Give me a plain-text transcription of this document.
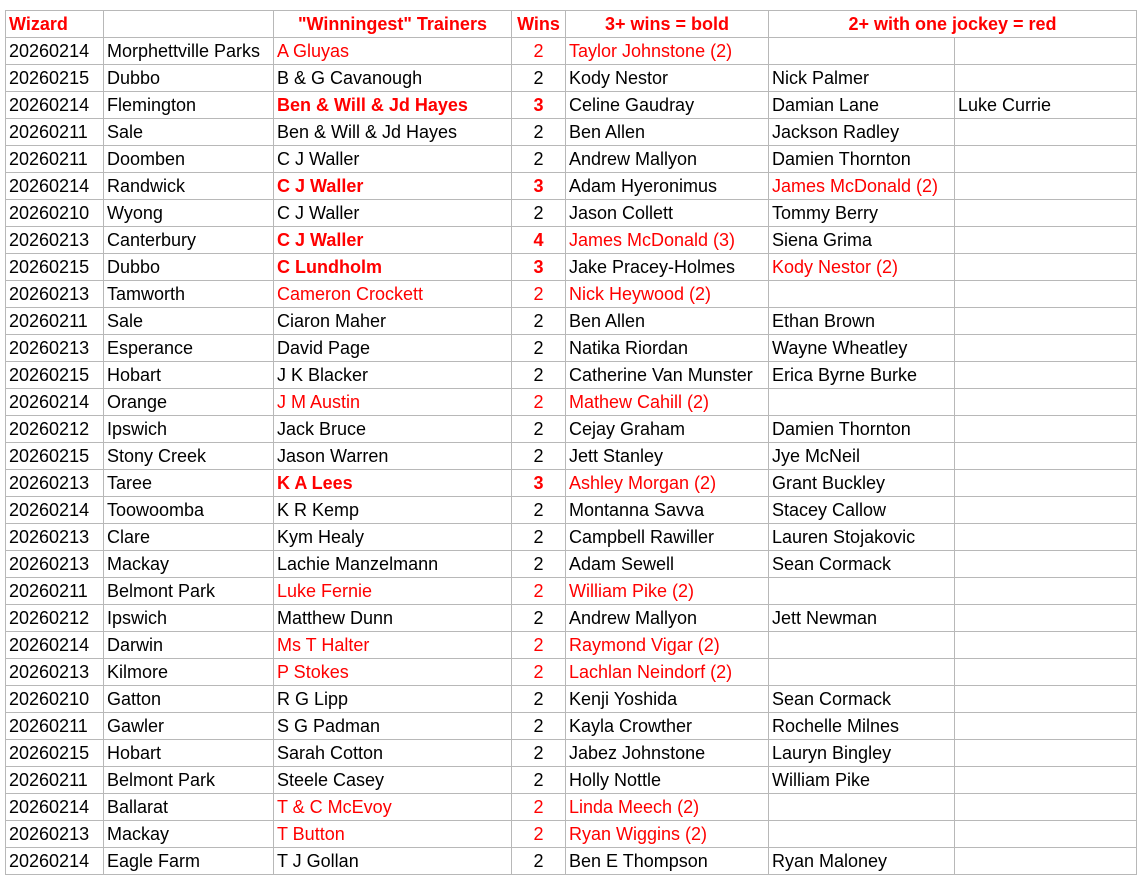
Wizard		"Winningest" Trainers	Wins	3+ wins = bold	2+ with one jockey = red	
20260214	Morphettville Parks	A Gluyas	2	Taylor Johnstone (2)		
20260215	Dubbo	B & G Cavanough	2	Kody Nestor	Nick Palmer	
20260214	Flemington	Ben & Will & Jd Hayes	3	Celine Gaudray	Damian Lane	Luke Currie
20260211	Sale	Ben & Will & Jd Hayes	2	Ben Allen	Jackson Radley	
20260211	Doomben	C J Waller	2	Andrew Mallyon	Damien Thornton	
20260214	Randwick	C J Waller	3	Adam Hyeronimus	James McDonald (2)	
20260210	Wyong	C J Waller	2	Jason Collett	Tommy Berry	
20260213	Canterbury	C J Waller	4	James McDonald (3)	Siena Grima	
20260215	Dubbo	C Lundholm	3	Jake Pracey-Holmes	Kody Nestor (2)	
20260213	Tamworth	Cameron Crockett	2	Nick Heywood (2)		
20260211	Sale	Ciaron Maher	2	Ben Allen	Ethan Brown	
20260213	Esperance	David Page	2	Natika Riordan	Wayne Wheatley	
20260215	Hobart	J K Blacker	2	Catherine Van Munster	Erica Byrne Burke	
20260214	Orange	J M Austin	2	Mathew Cahill (2)		
20260212	Ipswich	Jack Bruce	2	Cejay Graham	Damien Thornton	
20260215	Stony Creek	Jason Warren	2	Jett Stanley	Jye McNeil	
20260213	Taree	K A Lees	3	Ashley Morgan (2)	Grant Buckley	
20260214	Toowoomba	K R Kemp	2	Montanna Savva	Stacey Callow	
20260213	Clare	Kym Healy	2	Campbell Rawiller	Lauren Stojakovic	
20260213	Mackay	Lachie Manzelmann	2	Adam Sewell	Sean Cormack	
20260211	Belmont Park	Luke Fernie	2	William Pike (2)		
20260212	Ipswich	Matthew Dunn	2	Andrew Mallyon	Jett Newman	
20260214	Darwin	Ms T Halter	2	Raymond Vigar (2)		
20260213	Kilmore	P Stokes	2	Lachlan Neindorf (2)		
20260210	Gatton	R G Lipp	2	Kenji Yoshida	Sean Cormack	
20260211	Gawler	S G Padman	2	Kayla Crowther	Rochelle Milnes	
20260215	Hobart	Sarah Cotton	2	Jabez Johnstone	Lauryn Bingley	
20260211	Belmont Park	Steele Casey	2	Holly Nottle	William Pike	
20260214	Ballarat	T & C McEvoy	2	Linda Meech (2)		
20260213	Mackay	T Button	2	Ryan Wiggins (2)		
20260214	Eagle Farm	T J Gollan	2	Ben E Thompson	Ryan Maloney	
